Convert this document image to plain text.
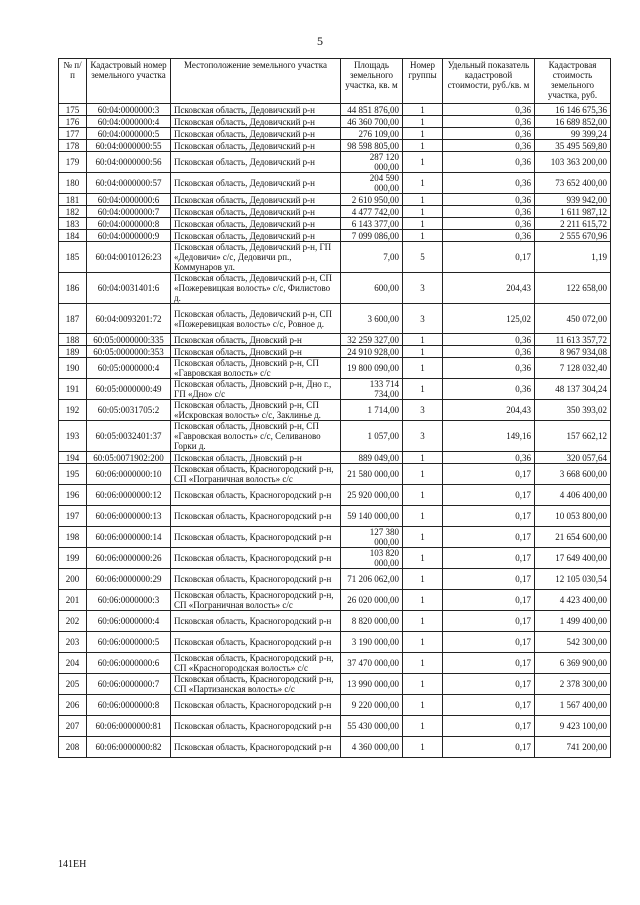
5
№ п/п	Кадастровый номер земельного участка	Местоположение земельного участка	Площадь земельного участка, кв. м	Номер группы	Удельный показатель кадастровой стоимости, руб./кв. м	Кадастровая стоимость земельного участка, руб.
175	60:04:0000000:3	Псковская область, Дедовичский р-н	44 851 876,00	1	0,36	16 146 675,36
176	60:04:0000000:4	Псковская область, Дедовичский р-н	46 360 700,00	1	0,36	16 689 852,00
177	60:04:0000000:5	Псковская область, Дедовичский р-н	276 109,00	1	0,36	99 399,24
178	60:04:0000000:55	Псковская область, Дедовичский р-н	98 598 805,00	1	0,36	35 495 569,80
179	60:04:0000000:56	Псковская область, Дедовичский р-н	287 120 000,00	1	0,36	103 363 200,00
180	60:04:0000000:57	Псковская область, Дедовичский р-н	204 590 000,00	1	0,36	73 652 400,00
181	60:04:0000000:6	Псковская область, Дедовичский р-н	2 610 950,00	1	0,36	939 942,00
182	60:04:0000000:7	Псковская область, Дедовичский р-н	4 477 742,00	1	0,36	1 611 987,12
183	60:04:0000000:8	Псковская область, Дедовичский р-н	6 143 377,00	1	0,36	2 211 615,72
184	60:04:0000000:9	Псковская область, Дедовичский р-н	7 099 086,00	1	0,36	2 555 670,96
185	60:04:0010126:23	Псковская область, Дедовичский р-н, ГП «Дедовичи» с/с, Дедовичи рп., Коммунаров ул.	7,00	5	0,17	1,19
186	60:04:0031401:6	Псковская область, Дедовичский р-н, СП «Пожеревицкая волость» с/с, Филистово д.	600,00	3	204,43	122 658,00
187	60:04:0093201:72	Псковская область, Дедовичский р-н, СП «Пожеревицкая волость» с/с, Ровное д.	3 600,00	3	125,02	450 072,00
188	60:05:0000000:335	Псковская область, Дновский р-н	32 259 327,00	1	0,36	11 613 357,72
189	60:05:0000000:353	Псковская область, Дновский р-н	24 910 928,00	1	0,36	8 967 934,08
190	60:05:0000000:4	Псковская область, Дновский р-н, СП «Гавровская волость» с/с	19 800 090,00	1	0,36	7 128 032,40
191	60:05:0000000:49	Псковская область, Дновский р-н, Дно г., ГП «Дно» с/с	133 714 734,00	1	0,36	48 137 304,24
192	60:05:0031705:2	Псковская область, Дновский р-н, СП «Искровская волость» с/с, Заклинье д.	1 714,00	3	204,43	350 393,02
193	60:05:0032401:37	Псковская область, Дновский р-н, СП «Гавровская волость» с/с, Селиваново Горки д.	1 057,00	3	149,16	157 662,12
194	60:05:0071902:200	Псковская область, Дновский р-н	889 049,00	1	0,36	320 057,64
195	60:06:0000000:10	Псковская область, Красногородский р-н, СП «Пограничная волость» с/с	21 580 000,00	1	0,17	3 668 600,00
196	60:06:0000000:12	Псковская область, Красногородский р-н	25 920 000,00	1	0,17	4 406 400,00
197	60:06:0000000:13	Псковская область, Красногородский р-н	59 140 000,00	1	0,17	10 053 800,00
198	60:06:0000000:14	Псковская область, Красногородский р-н	127 380 000,00	1	0,17	21 654 600,00
199	60:06:0000000:26	Псковская область, Красногородский р-н	103 820 000,00	1	0,17	17 649 400,00
200	60:06:0000000:29	Псковская область, Красногородский р-н	71 206 062,00	1	0,17	12 105 030,54
201	60:06:0000000:3	Псковская область, Красногородский р-н, СП «Пограничная волость» с/с	26 020 000,00	1	0,17	4 423 400,00
202	60:06:0000000:4	Псковская область, Красногородский р-н	8 820 000,00	1	0,17	1 499 400,00
203	60:06:0000000:5	Псковская область, Красногородский р-н	3 190 000,00	1	0,17	542 300,00
204	60:06:0000000:6	Псковская область, Красногородский р-н, СП «Красногородская волость» с/с	37 470 000,00	1	0,17	6 369 900,00
205	60:06:0000000:7	Псковская область, Красногородский р-н, СП «Партизанская волость» с/с	13 990 000,00	1	0,17	2 378 300,00
206	60:06:0000000:8	Псковская область, Красногородский р-н	9 220 000,00	1	0,17	1 567 400,00
207	60:06:0000000:81	Псковская область, Красногородский р-н	55 430 000,00	1	0,17	9 423 100,00
208	60:06:0000000:82	Псковская область, Красногородский р-н	4 360 000,00	1	0,17	741 200,00
141ЕН
